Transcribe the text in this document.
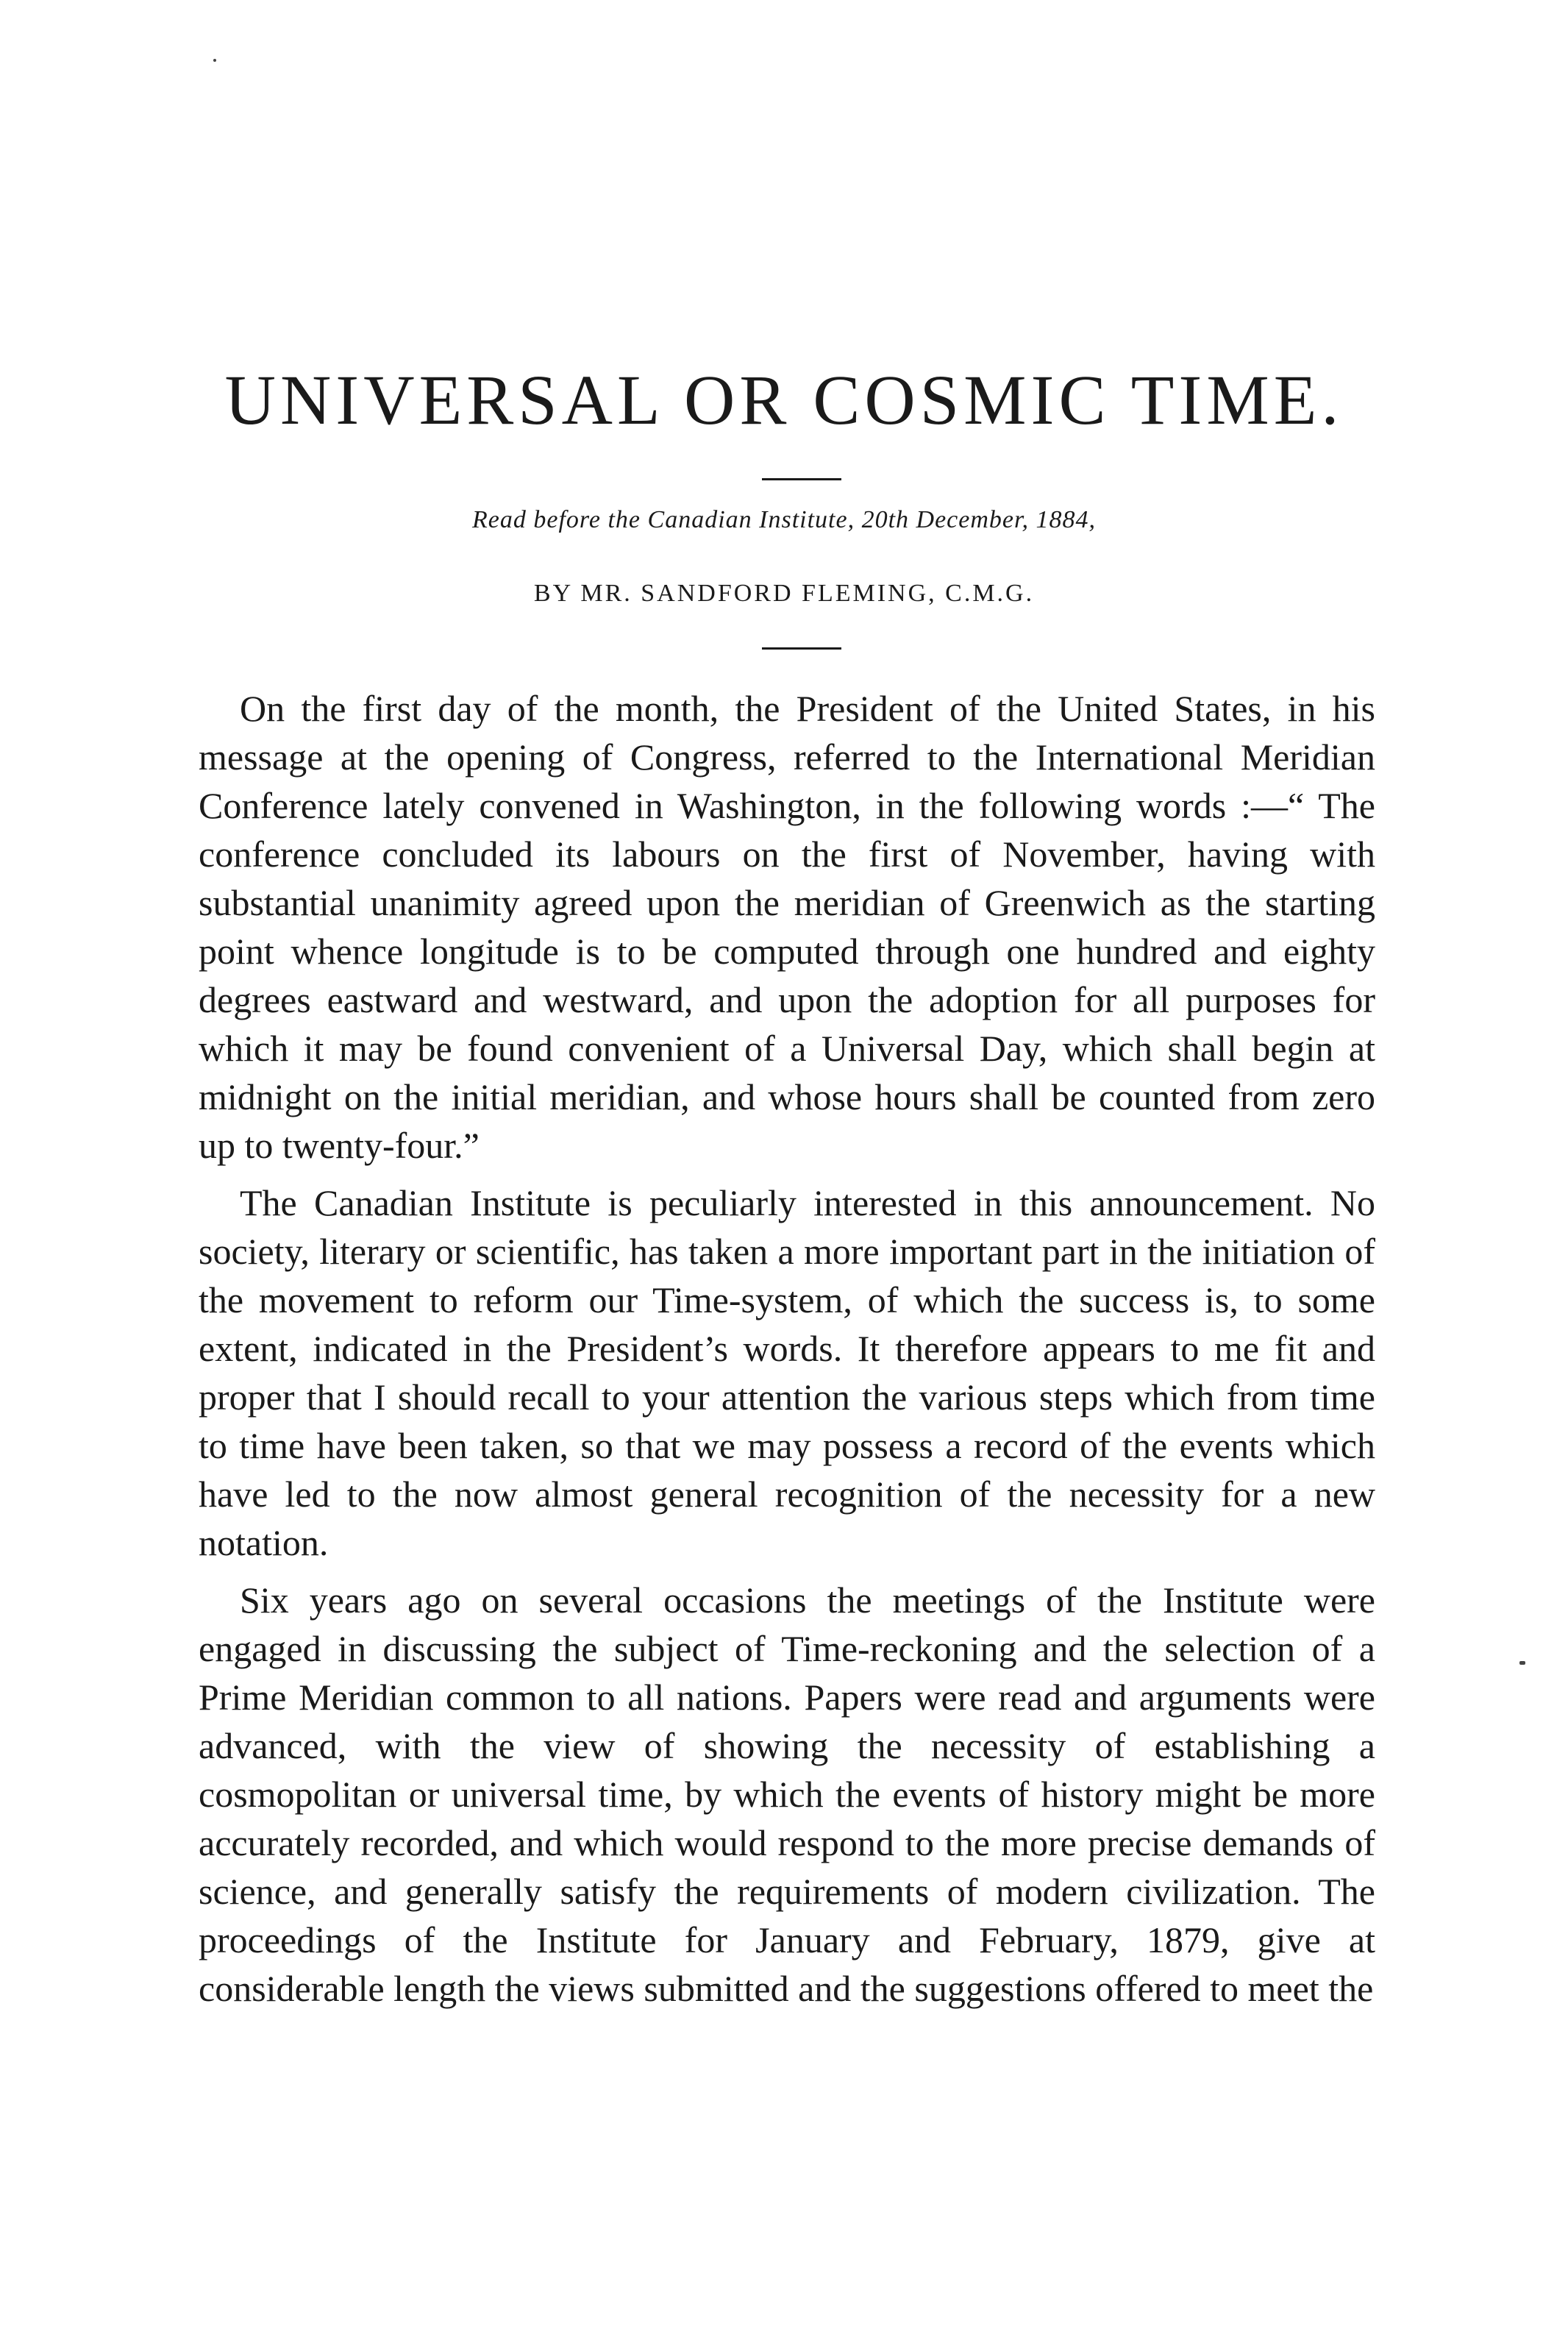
UNIVERSAL OR COSMIC TIME.
Read before the Canadian Institute, 20th December, 1884,
BY MR. SANDFORD FLEMING, C.M.G.

On the first day of the month, the President of the United States, in his message at the opening of Congress, referred to the International Meridian Conference lately convened in Washington, in the following words :—“ The conference concluded its labours on the first of November, having with substantial unanimity agreed upon the meridian of Greenwich as the starting point whence longitude is to be computed through one hundred and eighty degrees eastward and westward, and upon the adoption for all purposes for which it may be found convenient of a Universal Day, which shall begin at midnight on the initial meridian, and whose hours shall be counted from zero up to twenty-four.”

The Canadian Institute is peculiarly interested in this announcement. No society, literary or scientific, has taken a more important part in the initiation of the movement to reform our Time-system, of which the success is, to some extent, indicated in the President’s words. It therefore appears to me fit and proper that I should recall to your attention the various steps which from time to time have been taken, so that we may possess a record of the events which have led to the now almost general recognition of the necessity for a new notation.

Six years ago on several occasions the meetings of the Institute were engaged in discussing the subject of Time-reckoning and the selection of a Prime Meridian common to all nations. Papers were read and arguments were advanced, with the view of showing the necessity of establishing a cosmopolitan or universal time, by which the events of history might be more accurately recorded, and which would respond to the more precise demands of science, and generally satisfy the requirements of modern civilization. The proceedings of the Institute for January and February, 1879, give at considerable length the views submitted and the suggestions offered to meet the
